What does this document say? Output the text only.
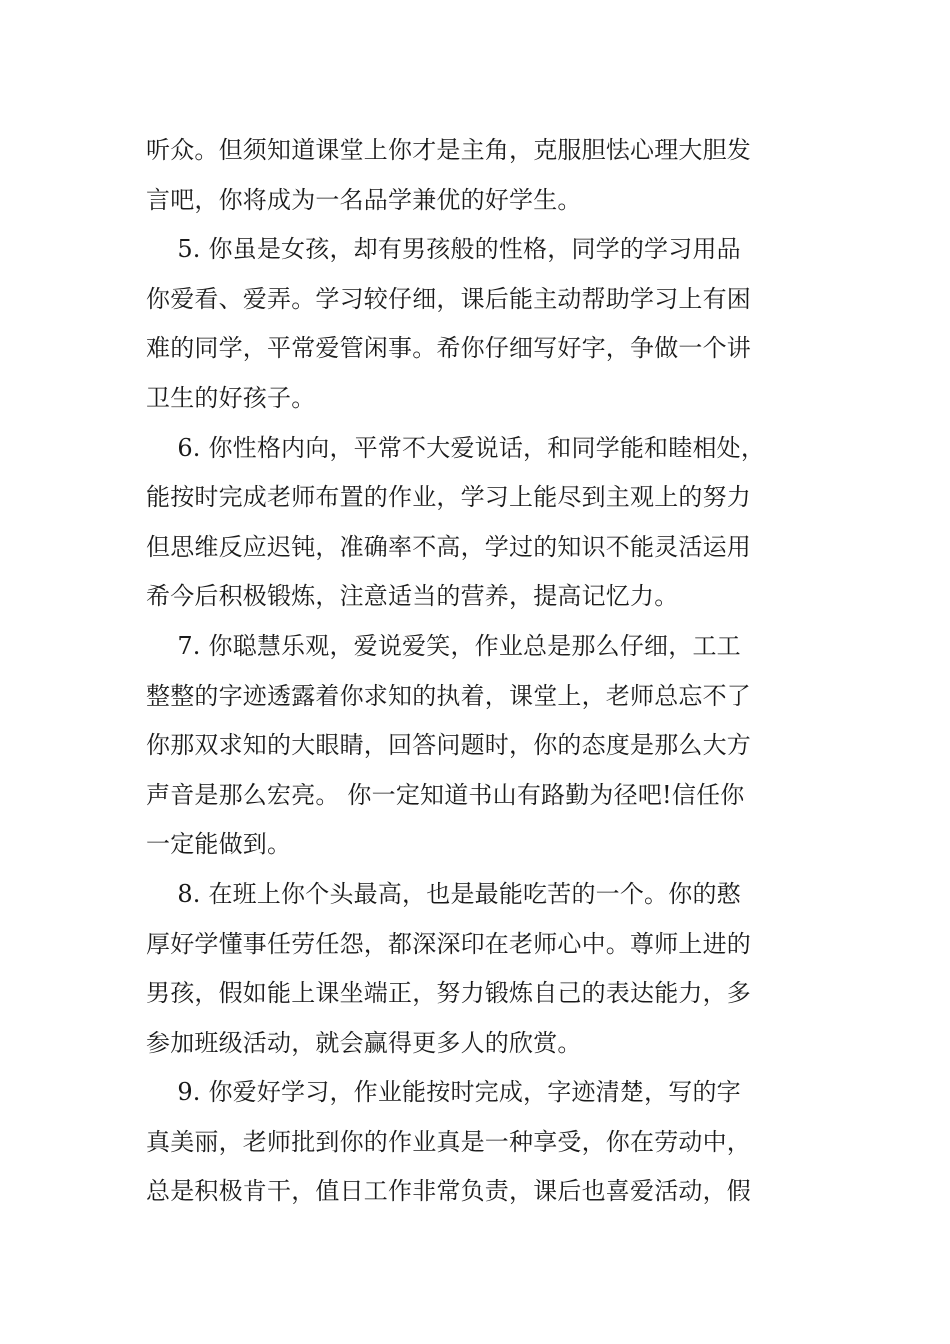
听众。但须知道课堂上你才是主角，克服胆怯心理大胆发
言吧，你将成为一名品学兼优的好学生。
5. 你虽是女孩，却有男孩般的性格，同学的学习用品
你爱看、爱弄。学习较仔细，课后能主动帮助学习上有困
难的同学，平常爱管闲事。希你仔细写好字，争做一个讲
卫生的好孩子。
6. 你性格内向，平常不大爱说话，和同学能和睦相处，
能按时完成老师布置的作业，学习上能尽到主观上的努力
但思维反应迟钝，准确率不高，学过的知识不能灵活运用
希今后积极锻炼，注意适当的营养，提高记忆力。
7. 你聪慧乐观，爱说爱笑，作业总是那么仔细，工工
整整的字迹透露着你求知的执着，课堂上，老师总忘不了
你那双求知的大眼睛，回答问题时，你的态度是那么大方
声音是那么宏亮。 你一定知道书山有路勤为径吧!信任你
一定能做到。
8. 在班上你个头最高，也是最能吃苦的一个。你的憨
厚好学懂事任劳任怨，都深深印在老师心中。尊师上进的
男孩，假如能上课坐端正，努力锻炼自己的表达能力，多
参加班级活动，就会赢得更多人的欣赏。
9. 你爱好学习，作业能按时完成，字迹清楚，写的字
真美丽，老师批到你的作业真是一种享受，你在劳动中，
总是积极肯干，值日工作非常负责，课后也喜爱活动，假
